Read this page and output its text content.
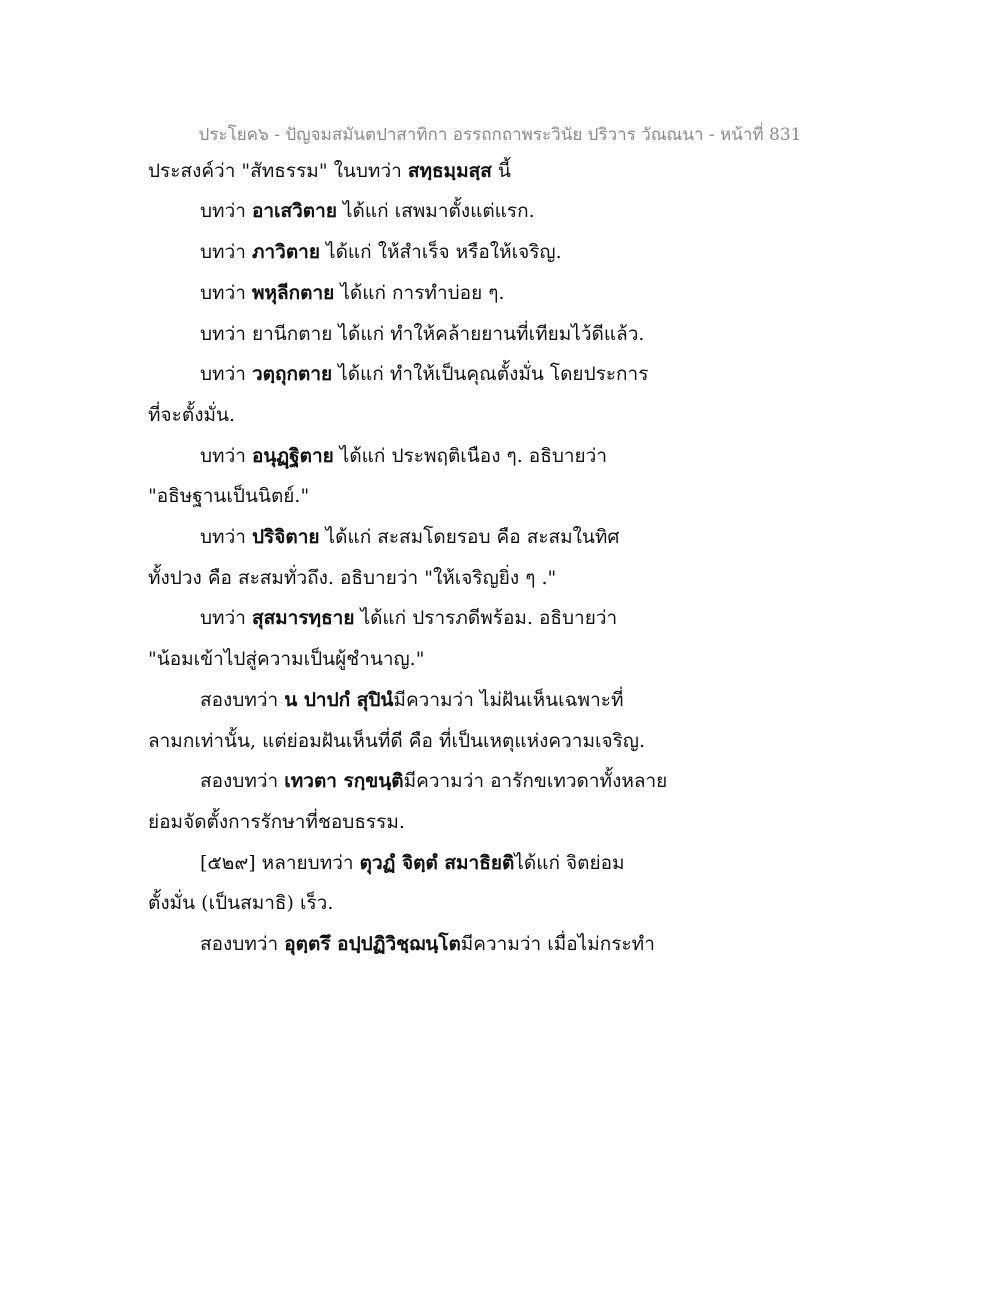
ประโยค๖ - ปัญจมสมันตปาสาทิกา อรรถกถาพระวินัย ปริวาร วัณณนา - หน้าที่ 831
ประสงค์ว่า "สัทธรรม" ในบทว่า สทฺธมฺมสฺส นี้
บทว่า อาเสวิตาย ได้แก่ เสพมาตั้งแต่แรก.
บทว่า ภาวิตาย ได้แก่ ให้สำเร็จ หรือให้เจริญ.
บทว่า พหุลีกตาย ได้แก่ การทำบ่อย ๆ.
บทว่า ยานีกตาย ได้แก่ ทำให้คล้ายยานที่เทียมไว้ดีแล้ว.
บทว่า วตฺถุกตาย ได้แก่ ทำให้เป็นคุณตั้งมั่น โดยประการ
ที่จะตั้งมั่น.
บทว่า อนุฏฺฐิตาย ได้แก่ ประพฤติเนือง ๆ. อธิบายว่า
"อธิษฐานเป็นนิตย์."
บทว่า ปริจิตาย ได้แก่ สะสมโดยรอบ คือ สะสมในทิศ
ทั้งปวง คือ สะสมทั่วถึง. อธิบายว่า "ให้เจริญยิ่ง ๆ ."
บทว่า สุสมารทฺธาย ได้แก่ ปรารภดีพร้อม. อธิบายว่า
"น้อมเข้าไปสู่ความเป็นผู้ชำนาญ."
สองบทว่า น ปาปกํ สุปินํมีความว่า ไม่ฝันเห็นเฉพาะที่
ลามกเท่านั้น, แต่ย่อมฝันเห็นที่ดี คือ ที่เป็นเหตุแห่งความเจริญ.
สองบทว่า เทวตา รกฺขนฺติมีความว่า อารักขเทวดาทั้งหลาย
ย่อมจัดตั้งการรักษาที่ชอบธรรม.
[๕๒๙] หลายบทว่า ตุวฏํ จิตฺตํ สมาธิยติได้แก่ จิตย่อม
ตั้งมั่น (เป็นสมาธิ) เร็ว.
สองบทว่า อุตฺตรึ อปฺปฏิวิชฺฌนฺโตมีความว่า เมื่อไม่กระทำ
